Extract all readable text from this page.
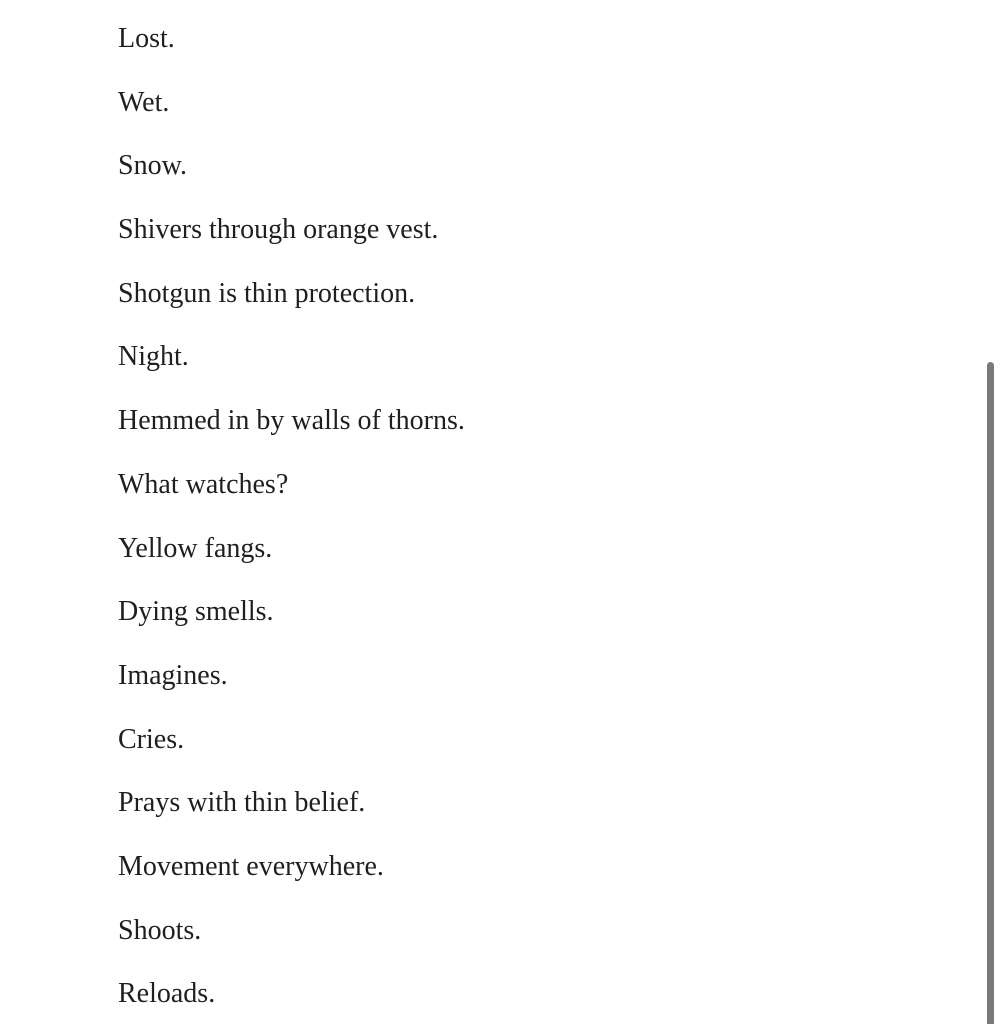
Lost.

Wet.

Snow.

Shivers through orange vest.

Shotgun is thin protection.

Night.

Hemmed in by walls of thorns.

What watches?

Yellow fangs.

Dying smells.

Imagines.

Cries.

Prays with thin belief.

Movement everywhere.

Shoots.

Reloads.
